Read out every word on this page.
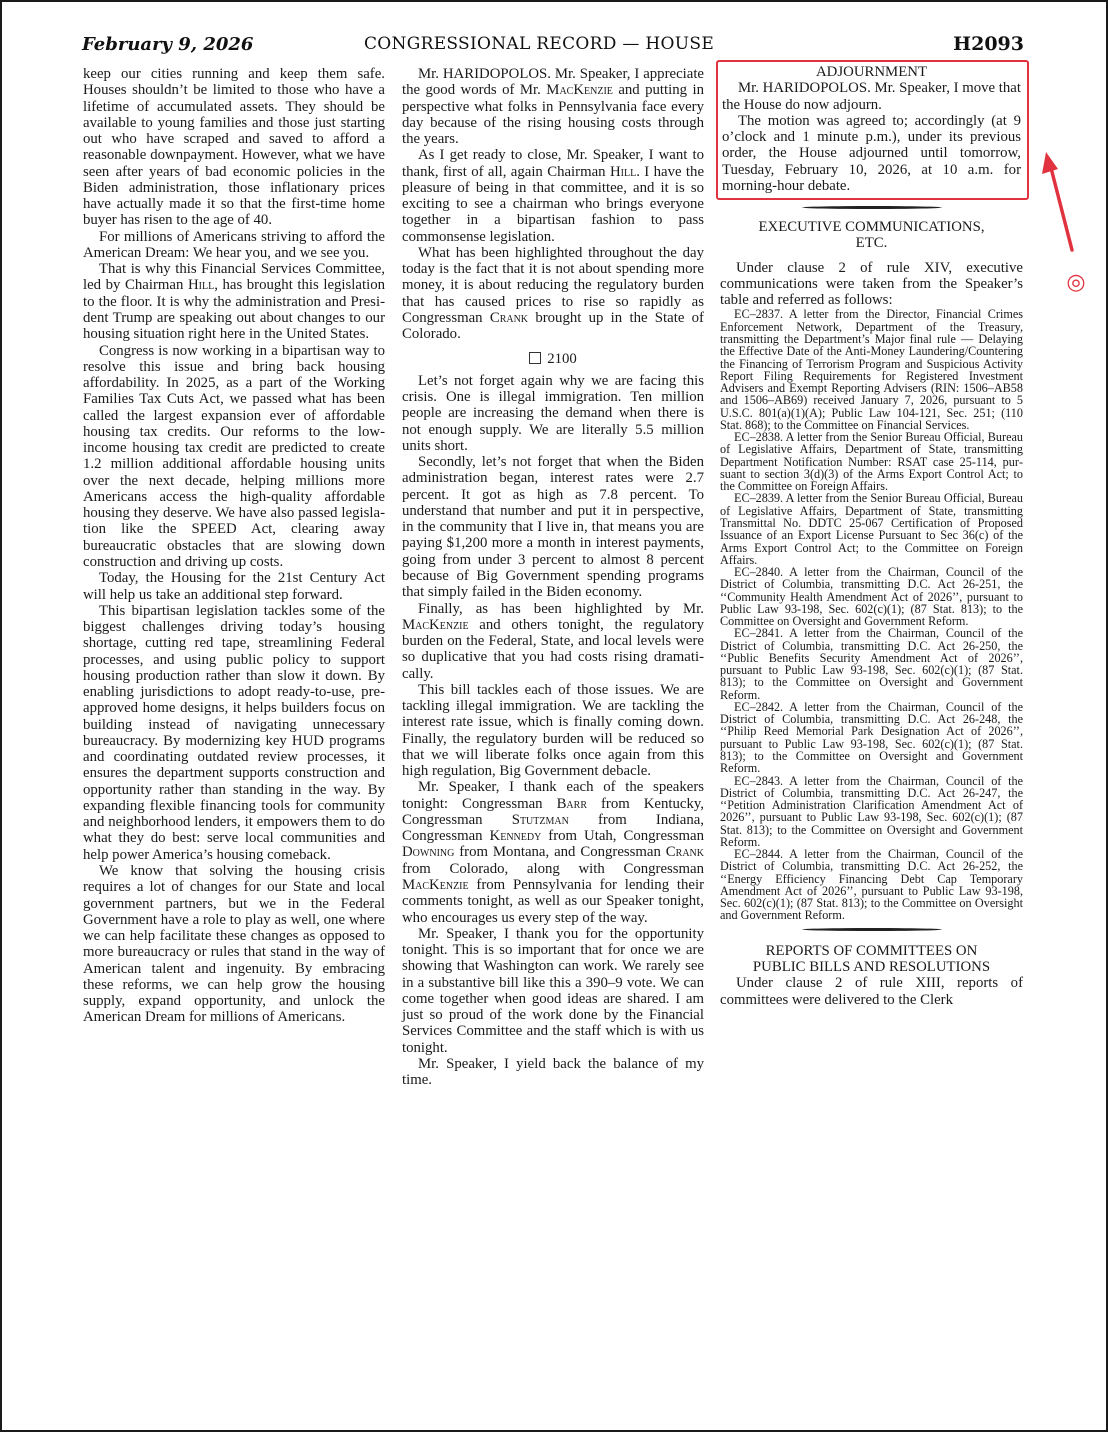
February 9, 2026	CONGRESSIONAL RECORD — HOUSE	H2093

keep our cities running and keep them safe. Houses shouldn’t be limited to those who have a lifetime of accumulated assets. They should be available to young families and those just starting out who have scraped and saved to afford a reasonable downpayment. However, what we have seen after years of bad economic policies in the Biden administration, those inflationary prices have actually made it so that the first-time home buyer has risen to the age of 40.

For millions of Americans striving to afford the American Dream: We hear you, and we see you.

That is why this Financial Services Committee, led by Chairman Hill, has brought this legislation to the floor. It is why the administration and President Trump are speaking out about changes to our housing situation right here in the United States.

Congress is now working in a bipartisan way to resolve this issue and bring back housing affordability. In 2025, as a part of the Working Families Tax Cuts Act, we passed what has been called the largest expansion ever of affordable housing tax credits. Our reforms to the low-income housing tax credit are predicted to create 1.2 million additional affordable housing units over the next decade, helping millions more Americans access the high-quality affordable housing they deserve. We have also passed legislation like the SPEED Act, clearing away bureaucratic obstacles that are slowing down construction and driving up costs.

Today, the Housing for the 21st Century Act will help us take an additional step forward.

This bipartisan legislation tackles some of the biggest challenges driving today’s housing shortage, cutting red tape, streamlining Federal processes, and using public policy to support housing production rather than slow it down. By enabling jurisdictions to adopt ready-to-use, pre-approved home designs, it helps builders focus on building instead of navigating unnecessary bureaucracy. By modernizing key HUD programs and coordinating outdated review processes, it ensures the department supports construction and opportunity rather than standing in the way. By expanding flexible financing tools for community and neighborhood lenders, it empowers them to do what they do best: serve local communities and help power America’s housing comeback.

We know that solving the housing crisis requires a lot of changes for our State and local government partners, but we in the Federal Government have a role to play as well, one where we can help facilitate these changes as opposed to more bureaucracy or rules that stand in the way of American talent and ingenuity. By embracing these reforms, we can help grow the housing supply, expand opportunity, and unlock the American Dream for millions of Americans.

Mr. HARIDOPOLOS. Mr. Speaker, I appreciate the good words of Mr. MacKenzie and putting in perspective what folks in Pennsylvania face every day because of the rising housing costs through the years.

As I get ready to close, Mr. Speaker, I want to thank, first of all, again Chairman Hill. I have the pleasure of being in that committee, and it is so exciting to see a chairman who brings everyone together in a bipartisan fashion to pass commonsense legislation.

What has been highlighted throughout the day today is the fact that it is not about spending more money, it is about reducing the regulatory burden that has caused prices to rise so rapidly as Congressman Crank brought up in the State of Colorado.

2100

Let’s not forget again why we are facing this crisis. One is illegal immigration. Ten million people are increasing the demand when there is not enough supply. We are literally 5.5 million units short.

Secondly, let’s not forget that when the Biden administration began, interest rates were 2.7 percent. It got as high as 7.8 percent. To understand that number and put it in perspective, in the community that I live in, that means you are paying $1,200 more a month in interest payments, going from under 3 percent to almost 8 percent because of Big Government spending programs that simply failed in the Biden economy.

Finally, as has been highlighted by Mr. MacKenzie and others tonight, the regulatory burden on the Federal, State, and local levels were so duplicative that you had costs rising dramatically.

This bill tackles each of those issues. We are tackling illegal immigration. We are tackling the interest rate issue, which is finally coming down. Finally, the regulatory burden will be reduced so that we will liberate folks once again from this high regulation, Big Government debacle.

Mr. Speaker, I thank each of the speakers tonight: Congressman Barr from Kentucky, Congressman Stutzman from Indiana, Congressman Kennedy from Utah, Congressman Downing from Montana, and Congressman Crank from Colorado, along with Congressman MacKenzie from Pennsylvania for lending their comments tonight, as well as our Speaker tonight, who encourages us every step of the way.

Mr. Speaker, I thank you for the opportunity tonight. This is so important that for once we are showing that Washington can work. We rarely see in a substantive bill like this a 390–9 vote. We can come together when good ideas are shared. I am just so proud of the work done by the Financial Services Committee and the staff which is with us tonight.

Mr. Speaker, I yield back the balance of my time.

ADJOURNMENT

Mr. HARIDOPOLOS. Mr. Speaker, I move that the House do now adjourn.

The motion was agreed to; accordingly (at 9 o’clock and 1 minute p.m.), under its previous order, the House adjourned until tomorrow, Tuesday, February 10, 2026, at 10 a.m. for morning-hour debate.

EXECUTIVE COMMUNICATIONS,

ETC.

Under clause 2 of rule XIV, executive communications were taken from the Speaker’s table and referred as follows:

EC–2837. A letter from the Director, Financial Crimes Enforcement Network, Department of the Treasury, transmitting the Department’s Major final rule — Delaying the Effective Date of the Anti-Money Laundering/Countering the Financing of Terrorism Program and Suspicious Activity Report Filing Requirements for Registered Investment Advisers and Exempt Reporting Advisers (RIN: 1506–AB58 and 1506–AB69) received January 7, 2026, pursuant to 5 U.S.C. 801(a)(1)(A); Public Law 104-121, Sec. 251; (110 Stat. 868); to the Committee on Financial Services.

EC–2838. A letter from the Senior Bureau Official, Bureau of Legislative Affairs, Department of State, transmitting Department Notification Number: RSAT case 25-114, pursuant to section 3(d)(3) of the Arms Export Control Act; to the Committee on Foreign Affairs.

EC–2839. A letter from the Senior Bureau Official, Bureau of Legislative Affairs, Department of State, transmitting Transmittal No. DDTC 25-067 Certification of Proposed Issuance of an Export License Pursuant to Sec 36(c) of the Arms Export Control Act; to the Committee on Foreign Affairs.

EC–2840. A letter from the Chairman, Council of the District of Columbia, transmitting D.C. Act 26-251, the ‘‘Community Health Amendment Act of 2026’’, pursuant to Public Law 93-198, Sec. 602(c)(1); (87 Stat. 813); to the Committee on Oversight and Government Reform.

EC–2841. A letter from the Chairman, Council of the District of Columbia, transmitting D.C. Act 26-250, the ‘‘Public Benefits Security Amendment Act of 2026’’, pursuant to Public Law 93-198, Sec. 602(c)(1); (87 Stat. 813); to the Committee on Oversight and Government Reform.

EC–2842. A letter from the Chairman, Council of the District of Columbia, transmitting D.C. Act 26-248, the ‘‘Philip Reed Memorial Park Designation Act of 2026’’, pursuant to Public Law 93-198, Sec. 602(c)(1); (87 Stat. 813); to the Committee on Oversight and Government Reform.

EC–2843. A letter from the Chairman, Council of the District of Columbia, transmitting D.C. Act 26-247, the ‘‘Petition Administration Clarification Amendment Act of 2026’’, pursuant to Public Law 93-198, Sec. 602(c)(1); (87 Stat. 813); to the Committee on Oversight and Government Reform.

EC–2844. A letter from the Chairman, Council of the District of Columbia, transmitting D.C. Act 26-252, the ‘‘Energy Efficiency Financing Debt Cap Temporary Amendment Act of 2026’’, pursuant to Public Law 93-198, Sec. 602(c)(1); (87 Stat. 813); to the Committee on Oversight and Government Reform.

REPORTS OF COMMITTEES ON

PUBLIC BILLS AND RESOLUTIONS

Under clause 2 of rule XIII, reports of committees were delivered to the Clerk

◎
